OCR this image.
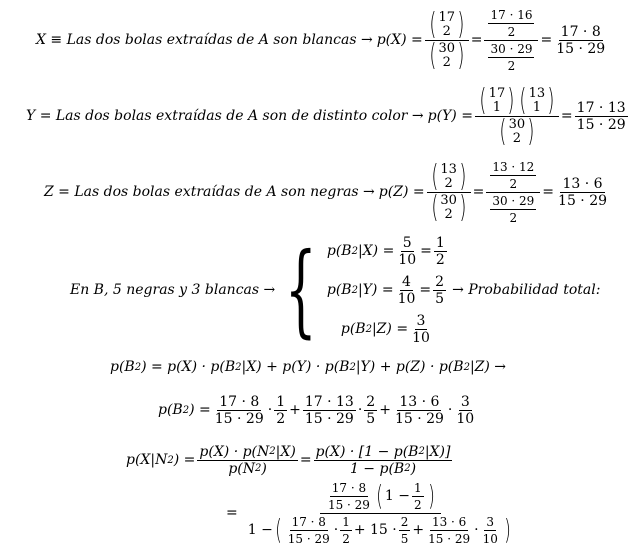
X ≡ Las dos bolas extraídas de A son blancas → p(X) = ( 17
2 )
( 30
2 ) = $\frac{\frac{17 \cdot 16}{2}}{\frac{30 \cdot 29}{2}} = \frac{17 \cdot 8}{15 \cdot 29}$
Y = Las dos bolas extraídas de A son de distinto color → p(Y) = ( 17
1 ) ( 13
1 )
( 30
2 ) = $\frac{17 \cdot 13}{15 \cdot 29}$
Z = Las dos bolas extraídas de A son negras → p(Z) = ( 13
2 )
( 30
2 ) = $\frac{\frac{13 \cdot 12}{2}}{\frac{30 \cdot 29}{2}} = \frac{13 \cdot 6}{15 \cdot 29}$
En B, 5 negras y 3 blancas → { p(B 2 $|X) = \frac{5}{10} = \frac{1}{2}$
p(B 2 $|Y) = \frac{4}{10} = \frac{2}{5}$ → Probabilidad total:
p(B 2 $|Z) = \frac{3}{10}$
p(B 2 ) = p(X) · p(B 2 |X) + p(Y) · p(B 2 |Y) + p(Z) · p(B 2 |Z) →
p(B 2 ) = $\frac{17 \cdot 8}{15 \cdot 29} \cdot \frac{1}{2} + \frac{17 \cdot 13}{15 \cdot 29} \cdot \frac{2}{5} + \frac{13 \cdot 6}{15 \cdot 29} \cdot \frac{3}{10}$
p(X|N 2 ) = $\frac{p(X) \cdot p(N 2 |X)}{p(N 2 )} = \frac{p(X) \cdot [1 - p(B 2 |X)]}{1 - p(B 2 )}$
=
$\frac{17 \cdot 8}{15 \cdot 29}$ ( $1 - \frac{1}{2}$ )
1 − ( $\frac{17 \cdot 8}{15 \cdot 29} \cdot \frac{1}{2} + 15 \cdot \frac{2}{5} + \frac{13 \cdot 6}{15 \cdot 29} \cdot \frac{3}{10}$ )
